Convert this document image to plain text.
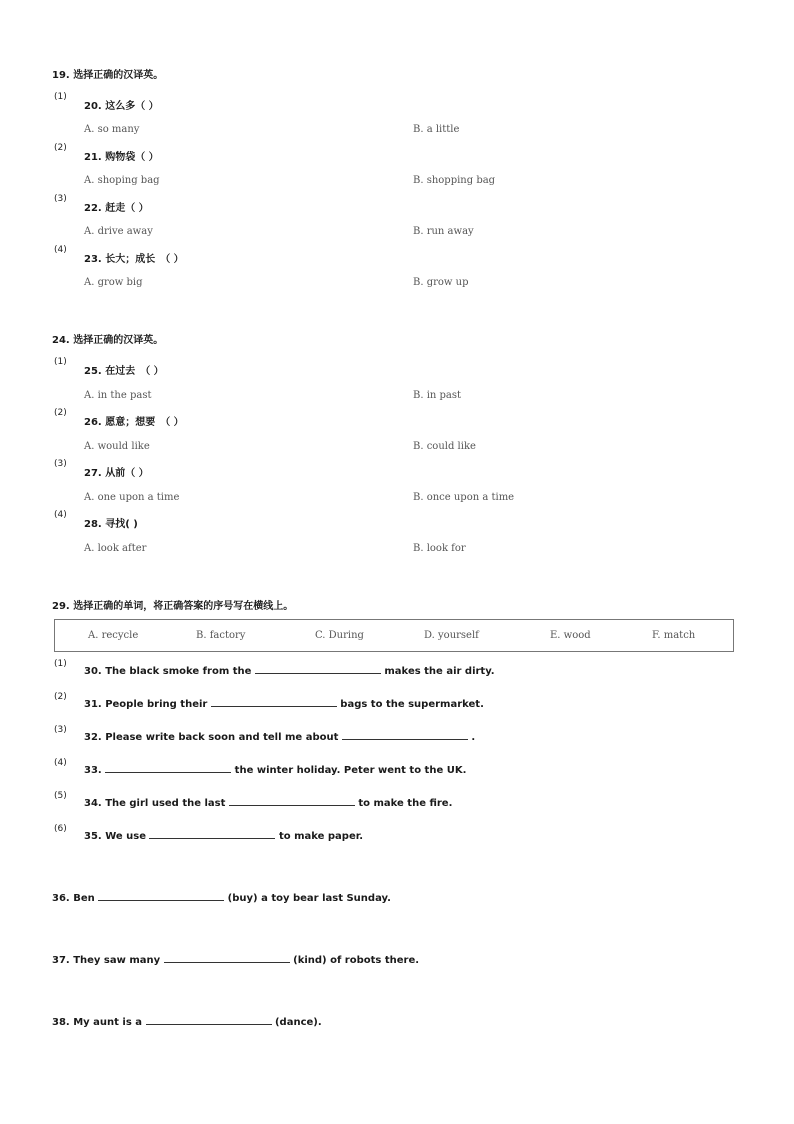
19. 选择正确的汉译英。
(1)
20. 这么多（ ）
A. so many	B. a little
(2)
21. 购物袋（ ）
A. shoping bag	B. shopping bag
(3)
22. 赶走（ ）
A. drive away	B. run away
(4)
23. 长大；成长　（ ）
A. grow big	B. grow up
24. 选择正确的汉译英。
(1)
25. 在过去　（ ）
A. in the past	B. in past
(2)
26. 愿意；想要　（ ）
A. would like	B. could like
(3)
27. 从前（ ）
A. one upon a time	B. once upon a time
(4)
28. 寻找( )
A. look after	B. look for
29. 选择正确的单词，将正确答案的序号写在横线上。
A. recycle	B. factory	C. During	D. yourself	E. wood	F. match
(1)
30. The black smoke from the	makes the air dirty.
(2)
31. People bring their	bags to the supermarket.
(3)
32. Please write back soon and tell me about	.
(4)
33.	the winter holiday. Peter went to the UK.
(5)
34. The girl used the last	to make the fire.
(6)
35. We use	to make paper.
36. Ben	(buy) a toy bear last Sunday.
37. They saw many	(kind) of robots there.
38. My aunt is a	(dance).
